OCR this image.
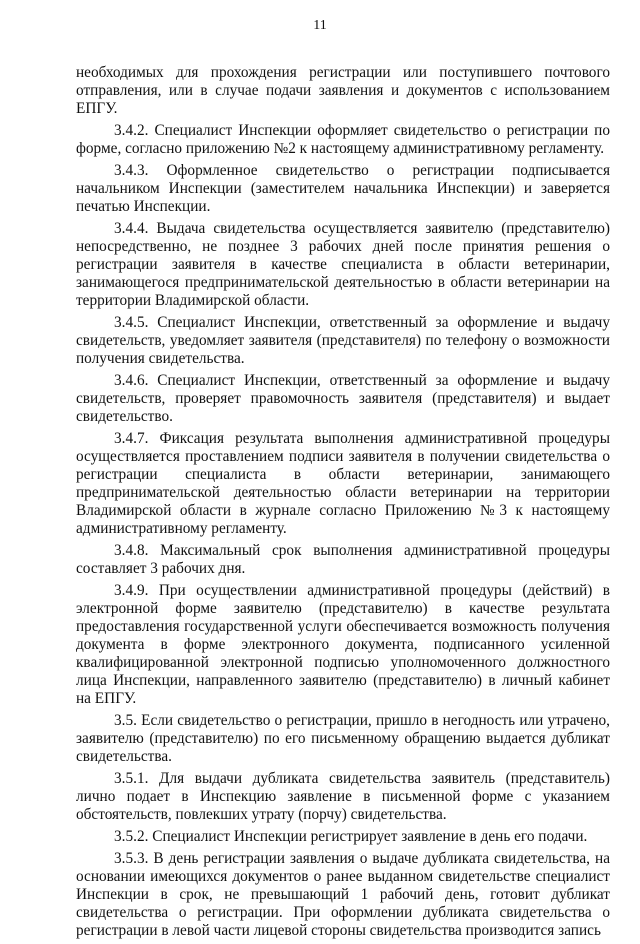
11

необходимых для прохождения регистрации или поступившего почтового отправления, или в случае подачи заявления и документов с использованием ЕПГУ.

3.4.2. Специалист Инспекции оформляет свидетельство о регистрации по форме, согласно приложению №2 к настоящему административному регламенту.

3.4.3. Оформленное свидетельство о регистрации подписывается начальником Инспекции (заместителем начальника Инспекции) и заверяется печатью Инспекции.

3.4.4. Выдача свидетельства осуществляется заявителю (представителю) непосредственно, не позднее 3 рабочих дней после принятия решения о регистрации заявителя в качестве специалиста в области ветеринарии, занимающегося предпринимательской деятельностью в области ветеринарии на территории Владимирской области.

3.4.5. Специалист Инспекции, ответственный за оформление и выдачу свидетельств, уведомляет заявителя (представителя) по телефону о возможности получения свидетельства.

3.4.6. Специалист Инспекции, ответственный за оформление и выдачу свидетельств, проверяет правомочность заявителя (представителя) и выдает свидетельство.

3.4.7. Фиксация результата выполнения административной процедуры осуществляется проставлением подписи заявителя в получении свидетельства о регистрации специалиста в области ветеринарии, занимающего предпринимательской деятельностью области ветеринарии на территории Владимирской области в журнале согласно Приложению №3 к настоящему административному регламенту.

3.4.8. Максимальный срок выполнения административной процедуры составляет 3 рабочих дня.

3.4.9. При осуществлении административной процедуры (действий) в электронной форме заявителю (представителю) в качестве результата предоставления государственной услуги обеспечивается возможность получения документа в форме электронного документа, подписанного усиленной квалифицированной электронной подписью уполномоченного должностного лица Инспекции, направленного заявителю (представителю) в личный кабинет на ЕПГУ.

3.5. Если свидетельство о регистрации, пришло в негодность или утрачено, заявителю (представителю) по его письменному обращению выдается дубликат свидетельства.

3.5.1. Для выдачи дубликата свидетельства заявитель (представитель) лично подает в Инспекцию заявление в письменной форме с указанием обстоятельств, повлекших утрату (порчу) свидетельства.

3.5.2. Специалист Инспекции регистрирует заявление в день его подачи.

3.5.3. В день регистрации заявления о выдаче дубликата свидетельства, на основании имеющихся документов о ранее выданном свидетельстве специалист Инспекции в срок, не превышающий 1 рабочий день, готовит дубликат свидетельства о регистрации. При оформлении дубликата свидетельства о регистрации в левой части лицевой стороны свидетельства производится запись
